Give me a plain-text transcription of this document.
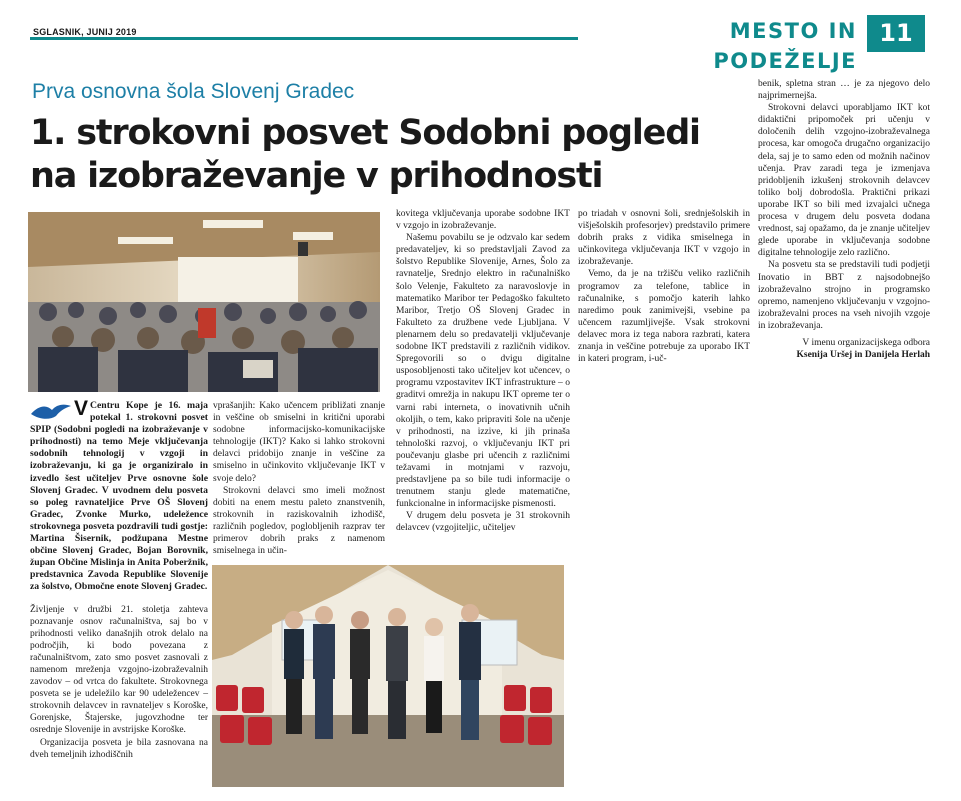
SGLASNIK, JUNIJ 2019	MESTO IN PODEŽELJE
11
Prva osnovna šola Slovenj Gradec
1. strokovni posvet Sodobni pogledi na izobraževanje v prihodnosti

V Centru Kope je 16. maja potekal 1. strokovni posvet SPIP (Sodobni pogledi na izobraževanje v prihodnosti) na temo Meje vključevanja sodobnih tehnologij v vzgoji in izobraževanju, ki ga je organiziralo in izvedlo šest učiteljev Prve osnovne šole Slovenj Gradec. V uvodnem delu posveta so poleg ravnateljice Prve OŠ Slovenj Gradec, Zvonke Murko, udeležence strokovnega posveta pozdravili tudi gostje: Martina Šisernik, podžupana Mestne občine Slovenj Gradec, Bojan Borovnik, župan Občine Mislinja in Anita Poberžnik, predstavnica Zavoda Republike Slovenije za šolstvo, Območne enote Slovenj Gradec.

Življenje v družbi 21. stoletja zahteva poznavanje osnov računalništva, saj bo v prihodnosti veliko današnjih otrok delalo na področjih, ki bodo povezana z računalništvom, zato smo posvet zasnovali z namenom mreženja vzgojno-izobraževalnih zavodov – od vrtca do fakultete. Strokovnega posveta se je udeležilo kar 90 udeležencev – strokovnih delavcev in ravnateljev s Koroške, Gorenjske, Štajerske, jugovzhodne ter osrednje Slovenije in avstrijske Koroške.

Organizacija posveta je bila zasnovana na dveh temeljnih izhodiščnih

vprašanjih: Kako učencem približati znanje in veščine ob smiselni in kritični uporabi sodobne informacijsko-komunikacijske tehnologije (IKT)? Kako si lahko strokovni delavci pridobijo znanje in veščine za smiselno in učinkovito vključevanje IKT v svoje delo?

Strokovni delavci smo imeli možnost dobiti na enem mestu paleto znanstvenih, strokovnih in raziskovalnih izhodišč, različnih pogledov, poglobljenih razprav ter primerov dobrih praks z namenom smiselnega in učin-

kovitega vključevanja uporabe sodobne IKT v vzgojo in izobraževanje.

Našemu povabilu se je odzvalo kar sedem predavateljev, ki so predstavljali Zavod za šolstvo Republike Slovenije, Arnes, Šolo za ravnatelje, Srednjo elektro in računalniško šolo Velenje, Fakulteto za naravoslovje in matematiko Maribor ter Pedagoško fakulteto Maribor, Tretjo OŠ Slovenj Gradec in Fakulteto za družbene vede Ljubljana. V plenarnem delu so predavatelji vključevanje sodobne IKT predstavili z različnih vidikov. Spregovorili so o dvigu digitalne usposobljenosti tako učiteljev kot učencev, o programu vzpostavitev IKT infrastrukture – o graditvi omrežja in nakupu IKT opreme ter o varni rabi interneta, o inovativnih učnih okoljih, o tem, kako pripraviti šole na učenje v prihodnosti, na izzive, ki jih prinaša tehnološki razvoj, o vključevanju IKT pri poučevanju glasbe pri učencih z različnimi težavami in motnjami v razvoju, predstavljene pa so bile tudi informacije o trenutnem stanju glede matematične, funkcionalne in informacijske pismenosti.

V drugem delu posveta je 31 strokovnih delavcev (vzgojiteljic, učiteljev

po triadah v osnovni šoli, srednješolskih in višješolskih profesorjev) predstavilo primere dobrih praks z vidika smiselnega in učinkovitega vključevanja IKT v vzgojo in izobraževanje.

Vemo, da je na tržišču veliko različnih programov za telefone, tablice in računalnike, s pomočjo katerih lahko naredimo pouk zanimivejši, vsebine pa učencem razumljivejše. Vsak strokovni delavec mora iz tega nabora razbrati, katera znanja in veščine potrebuje za uporabo IKT in kateri program, i-uč-

benik, spletna stran … je za njegovo delo najprimernejša.

Strokovni delavci uporabljamo IKT kot didaktični pripomoček pri učenju v določenih delih vzgojno-izobraževalnega procesa, kar omogoča drugačno organizacijo dela, saj je to samo eden od možnih načinov učenja. Prav zaradi tega je izmenjava pridobljenih izkušenj strokovnih delavcev toliko bolj dobrodošla. Praktični prikazi uporabe IKT so bili med izvajalci učnega procesa v drugem delu posveta dodana vrednost, saj opažamo, da je znanje učiteljev glede uporabe in vključevanja sodobne digitalne tehnologije zelo različno.

Na posvetu sta se predstavili tudi podjetji Inovatio in BBT z najsodobnejšo izobraževalno strojno in programsko opremo, namenjeno vključevanju v vzgojno-izobraževalni proces na vseh nivojih vzgoje in izobraževanja.

V imenu organizacijskega odbora
Ksenija Uršej in Danijela Herlah
